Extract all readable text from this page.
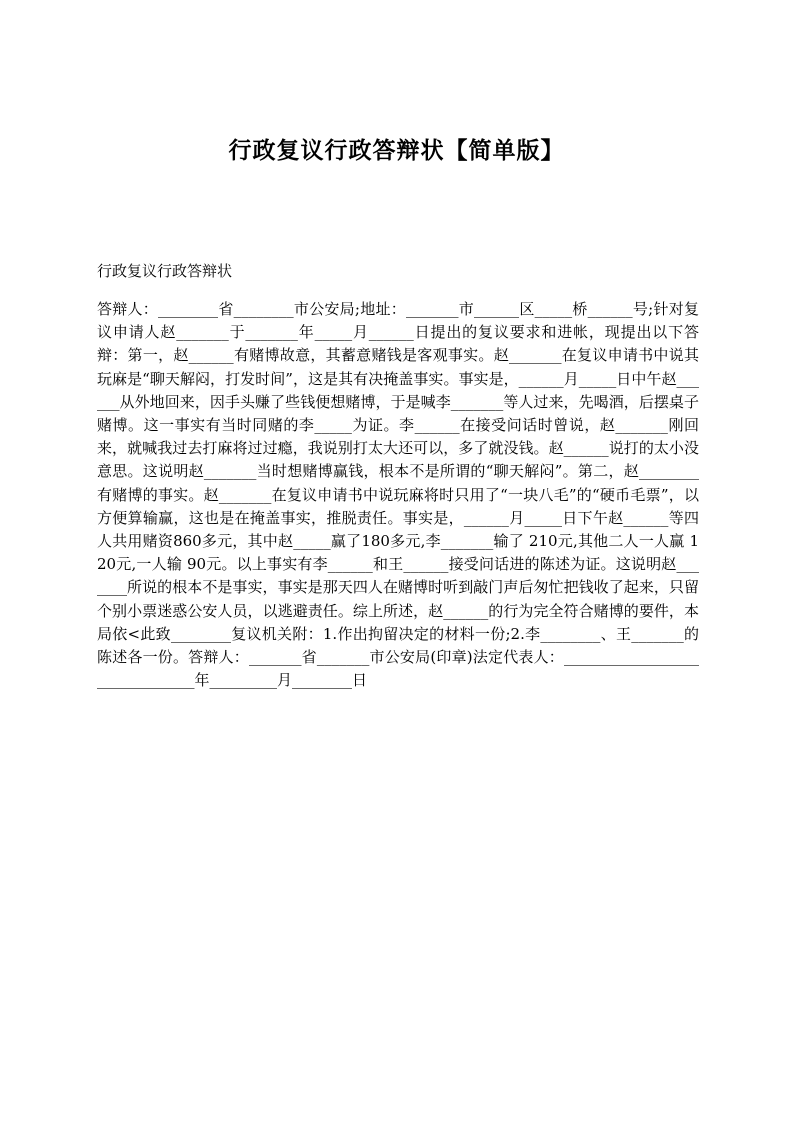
行政复议行政答辩状【简单版】

行政复议行政答辩状

答辩人：________省________市公安局;地址：_______市______区_____桥______号;针对复议申请人赵_______于_______年_____月______日提出的复议要求和进帐，现提出以下答辩：第一，赵______有赌博故意，其蓄意赌钱是客观事实。赵_______在复议申请书中说其玩麻是“聊天解闷，打发时间”，这是其有决掩盖事实。事实是，______月_____日中午赵______从外地回来，因手头赚了些钱便想赌博，于是喊李_______等人过来，先喝酒，后摆桌子赌博。这一事实有当时同赌的李_____为证。李______在接受问话时曾说，赵_______刚回来，就喊我过去打麻将过过瘾，我说别打太大还可以，多了就没钱。赵______说打的太小没意思。这说明赵_______当时想赌博赢钱，根本不是所谓的“聊天解闷”。第二，赵________有赌博的事实。赵_______在复议申请书中说玩麻将时只用了“一块八毛”的“硬币毛票”，以方便算输赢，这也是在掩盖事实，推脱责任。事实是，______月_____日下午赵______等四人共用赌资860多元，其中赵_____赢了180多元,李_______输了 210元,其他二人一人赢 120元,一人输 90元。以上事实有李______和王______接受问话进的陈述为证。这说明赵_______所说的根本不是事实，事实是那天四人在赌博时听到敲门声后匆忙把钱收了起来，只留个别小票迷惑公安人员，以逃避责任。综上所述，赵______的行为完全符合赌博的要件，本局依<此致________复议机关附：1.作出拘留决定的材料一份;2.李________、王_______的陈述各一份。答辩人：_______省_______市公安局(印章)法定代表人：__________________ _____________年_________月________日
